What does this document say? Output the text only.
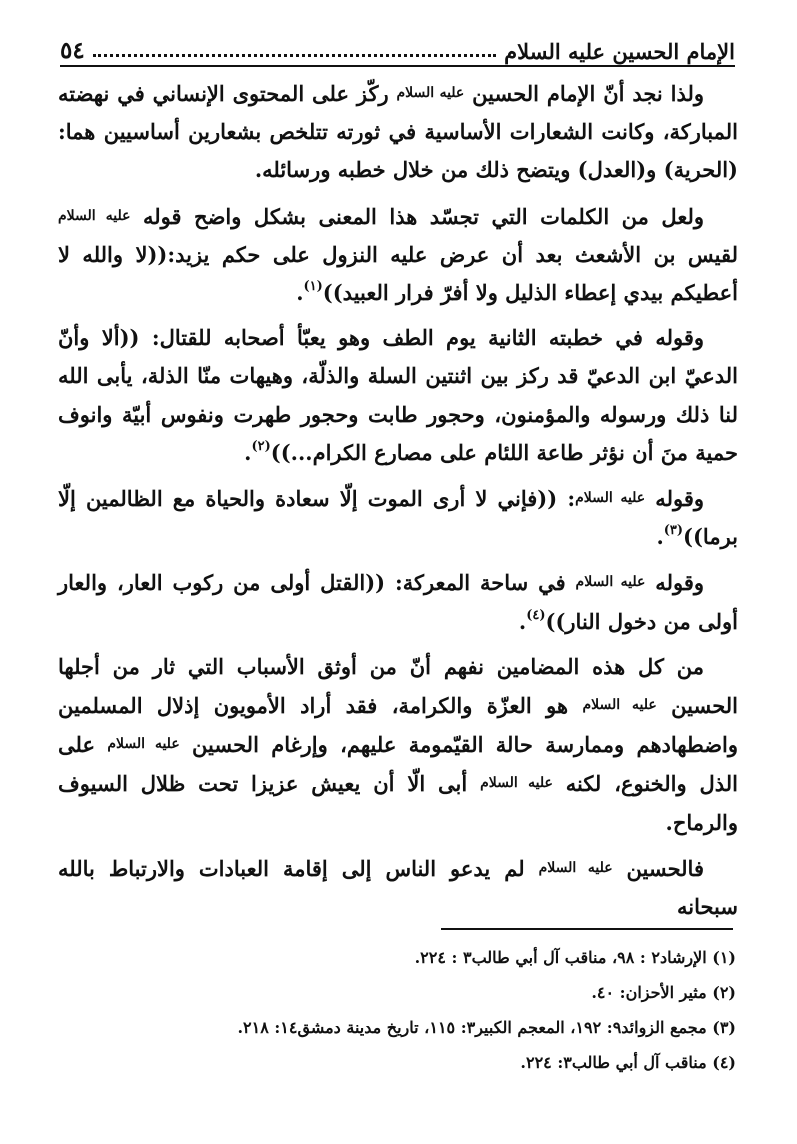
الإمام الحسين عليه السلام
٥٤

ولذا نجد أنّ الإمام الحسين عليه السلام ركّز على المحتوى الإنساني في نهضته المباركة، وكانت الشعارات الأساسية في ثورته تتلخص بشعارين أساسيين هما: (الحرية) و(العدل) ويتضح ذلك من خلال خطبه ورسائله.

ولعل من الكلمات التي تجسّد هذا المعنى بشكل واضح قوله عليه السلام لقيس بن الأشعث بعد أن عرض عليه النزول على حكم يزيد:((لا والله لا أعطيكم بيدي إعطاء الذليل ولا أفرّ فرار العبيد))$^{(١)}$.

وقوله في خطبته الثانية يوم الطف وهو يعبّأ أصحابه للقتال: ((ألا وأنّ الدعيّ ابن الدعيّ قد ركز بين اثنتين السلة والذلّة، وهيهات منّا الذلة، يأبى الله لنا ذلك ورسوله والمؤمنون، وحجور طابت وحجور طهرت ونفوس أبيّة وانوف حمية منَ أن نؤثر طاعة اللئام على مصارع الكرام...))$^{(٢)}$.

وقوله عليه السلام: ((فإني لا أرى الموت إلّا سعادة والحياة مع الظالمين إلّا برما))$^{(٣)}$.

وقوله عليه السلام في ساحة المعركة: ((القتل أولى من ركوب العار، والعار أولى من دخول النار))$^{(٤)}$.

من كل هذه المضامين نفهم أنّ من أوثق الأسباب التي ثار من أجلها الحسين عليه السلام هو العزّة والكرامة، فقد أراد الأمويون إذلال المسلمين واضطهادهم وممارسة حالة القيّمومة عليهم، وإرغام الحسين عليه السلام على الذل والخنوع، لكنه عليه السلام أبى الّا أن يعيش عزيزا تحت ظلال السيوف والرماح.

فالحسين عليه السلام لم يدعو الناس إلى إقامة العبادات والارتباط بالله سبحانه

(١) الإرشاد٢ : ٩٨، مناقب آل أبي طالب٣ : ٢٢٤.
(٢) مثير الأحزان: ٤٠.
(٣) مجمع الزوائد٩: ١٩٢، المعجم الكبير٣: ١١٥، تاريخ مدينة دمشق١٤: ٢١٨.
(٤) مناقب آل أبي طالب٣: ٢٢٤.
